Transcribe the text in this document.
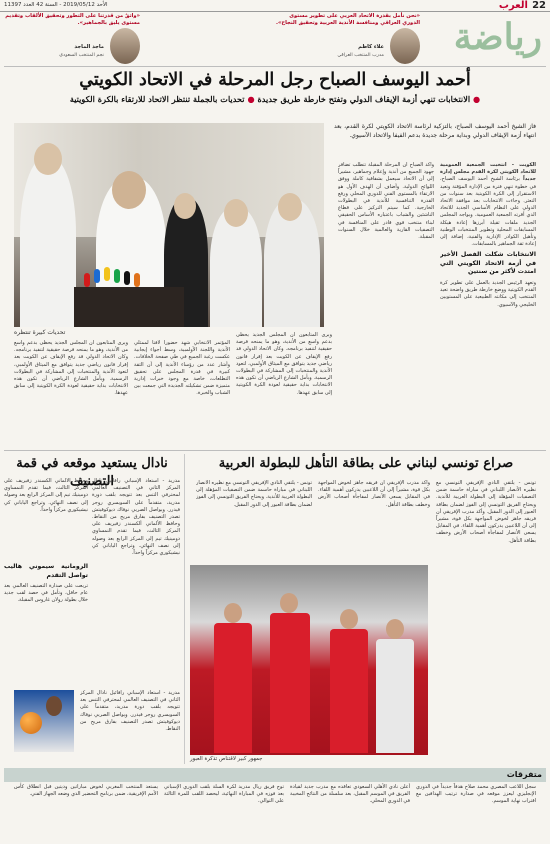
22
العرب
الأحد 2019/05/12 - السنة 42 العدد 11397
رياضة
«نحن نأمل بقدرة الاتحاد العربي على تطوير مستوى الدوري العراقي ومنافسة الأندية العربية وتحقيق النجاح».
علاء كاظم
مدرب المنتخب العراقي
«واثقٌ من قدرتنا على التطور وتحقيق الألقاب وتقديم مستوى يليق بالجماهير».
ماجد الماجد
نجم المنتخب السعودي
أحمد اليوسف الصباح رجل المرحلة في الاتحاد الكويتي
● الانتخابات تنهي أزمة الإيقاف الدولي وتفتح خارطة طريق جديدة ● تحديات بالجملة تنتظر الاتحاد للارتقاء بالكرة الكويتية
تحديات كبيرة تنتظره
فاز الشيخ أحمد اليوسف الصباح، بالتزكية لرئاسة الاتحاد الكويتي لكرة القدم، بعد انتهاء أزمة الإيقاف الدولي وبداية مرحلة جديدة بدعم الفيفا والاتحاد الآسيوي.
الكويت - انتخبت الجمعية العمومية للاتحاد الكويتي لكرة القدم مجلس إدارة جديداً برئاسة الشيخ أحمد اليوسف الصباح، في خطوة تنهي فترة من الإدارة المؤقتة وتعيد الاستقرار إلى الكرة الكويتية بعد سنوات من التعثر. وجاءت الانتخابات بعد موافقة الاتحاد الدولي على النظام الأساسي الجديد للاتحاد الذي أقرته الجمعية العمومية. ويواجه المجلس الجديد ملفات ثقيلة أبرزها إعادة هيكلة المسابقات المحلية وتطوير المنتخبات الوطنية وتأهيل الكوادر الإدارية والفنية، إضافة إلى إعادة ثقة الجماهير بالمسابقات.
الانتخابات شكلت الفصل الأخير في أزمة الاتحاد الكويتي التي امتدت لأكثر من سنتين
وتعهد الرئيس الجديد بالعمل على تطوير كرة القدم الكويتية ووضع خارطة طريق واضحة تعيد المنتخب إلى مكانته الطبيعية على المستويين الخليجي والآسيوي.
وأكد الصباح أن المرحلة المقبلة تتطلب تضافر جهود الجميع من أندية وإعلام وجماهير، مشيراً إلى أن الاتحاد سيعمل بشفافية كاملة ووفق اللوائح الدولية. وأضاف أن الهدف الأول هو الارتقاء بالمستوى الفني للدوري المحلي ورفع القدرة التنافسية للأندية في البطولات الخارجية. كما سيتم التركيز على قطاع الناشئين والشباب باعتباره الأساس الحقيقي لبناء منتخب قوي قادر على المنافسة في التصفيات القارية والعالمية خلال السنوات المقبلة.
ويرى المتابعون أن المجلس الجديد يحظى بدعم واسع من الأندية، وهو ما يمنحه فرصة حقيقية لتنفيذ برنامجه. وكان الاتحاد الدولي قد رفع الإيقاف عن الكويت بعد إقرار قانون رياضي جديد يتوافق مع الميثاق الأولمبي، لتعود الأندية والمنتخبات إلى المشاركة في البطولات الرسمية. ويأمل الشارع الرياضي أن تكون هذه الانتخابات بداية حقيقية لعودة الكرة الكويتية إلى سابق عهدها.
المؤتمر الانتخابي شهد حضوراً لافتاً لممثلي الأندية واللجنة الأولمبية، وسط أجواء إيجابية عكست رغبة الجميع في طي صفحة الخلافات. وأشار عدد من رؤساء الأندية إلى أن الثقة كبيرة في قدرة المجلس على تحقيق التطلعات، خاصة مع وجود خبرات إدارية متميزة ضمن تشكيلته الجديدة التي جمعت بين الشباب والخبرة.
ويرى المتابعون أن المجلس الجديد يحظى بدعم واسع من الأندية، وهو ما يمنحه فرصة حقيقية لتنفيذ برنامجه. وكان الاتحاد الدولي قد رفع الإيقاف عن الكويت بعد إقرار قانون رياضي جديد يتوافق مع الميثاق الأولمبي، لتعود الأندية والمنتخبات إلى المشاركة في البطولات الرسمية. ويأمل الشارع الرياضي أن تكون هذه الانتخابات بداية حقيقية لعودة الكرة الكويتية إلى سابق عهدها.
نادال يستعيد موقعه في قمة التصنيف
صراع تونسي لبناني على بطاقة التأهل للبطولة العربية
تونس - يلتقي النادي الإفريقي التونسي مع نظيره الأنصار اللبناني في مباراة حاسمة ضمن التصفيات المؤهلة إلى البطولة العربية للأندية. ويحتاج الفريق التونسي إلى الفوز لضمان بطاقة العبور إلى الدور المقبل. وأكد مدرب الإفريقي أن فريقه جاهز لخوض المواجهة بكل قوة، مشيراً إلى أن اللاعبين يدركون أهمية اللقاء. في المقابل يسعى الأنصار لمفاجأة أصحاب الأرض وخطف بطاقة التأهل.
وأكد مدرب الإفريقي أن فريقه جاهز لخوض المواجهة بكل قوة، مشيراً إلى أن اللاعبين يدركون أهمية اللقاء. في المقابل يسعى الأنصار لمفاجأة أصحاب الأرض وخطف بطاقة التأهل.
تونس - يلتقي النادي الإفريقي التونسي مع نظيره الأنصار اللبناني في مباراة حاسمة ضمن التصفيات المؤهلة إلى البطولة العربية للأندية. ويحتاج الفريق التونسي إلى الفوز لضمان بطاقة العبور إلى الدور المقبل.
جمهور كبير لاقتناص تذكرة العبور
مدريد - استعاد الإسباني رافائيل نادال المركز الثاني في التصنيف العالمي لمحترفي التنس بعد تتويجه بلقب دورة مدريد، متقدماً على السويسري روجر فيدرر. ويواصل الصربي نوفاك ديوكوفيتش تصدر التصنيف بفارق مريح من النقاط. وحافظ الألماني ألكسندر زفيريف على المركز الثالث، فيما تقدم النمساوي دومينيك تيم إلى المركز الرابع بعد وصوله إلى نصف النهائي. وتراجع الياباني كي نيشيكوري مركزاً واحداً.
وحافظ الألماني ألكسندر زفيريف على المركز الثالث، فيما تقدم النمساوي دومينيك تيم إلى المركز الرابع بعد وصوله إلى نصف النهائي. وتراجع الياباني كي نيشيكوري مركزاً واحداً.
الرومانية سيموني هاليب تواصل التقدم
تربعت على صدارة التصنيف العالمي بعد عام حافل، وتأمل في حصد لقب جديد خلال بطولة رولان غاروس المقبلة.
مدريد - استعاد الإسباني رافائيل نادال المركز الثاني في التصنيف العالمي لمحترفي التنس بعد تتويجه بلقب دورة مدريد، متقدماً على السويسري روجر فيدرر. ويواصل الصربي نوفاك ديوكوفيتش تصدر التصنيف بفارق مريح من النقاط.
متفرقات
سجل اللاعب المصري محمد صلاح هدفاً جديداً في الدوري الإنجليزي ليعزز موقعه في صدارة ترتيب الهدافين مع اقتراب نهاية الموسم.
أعلن نادي الأهلي السعودي تعاقده مع مدرب جديد لقيادة الفريق في الموسم المقبل، بعد سلسلة من النتائج المخيبة في الدوري المحلي.
توج فريق ريال مدريد لكرة السلة بلقب الدوري الإسباني بعد فوزه في المباراة النهائية، ليحصد اللقب للمرة الثالثة على التوالي.
يستعد المنتخب المغربي لخوض مباراتين وديتين قبل انطلاق كأس الأمم الإفريقية، ضمن برنامج التحضير الذي وضعه الجهاز الفني.
